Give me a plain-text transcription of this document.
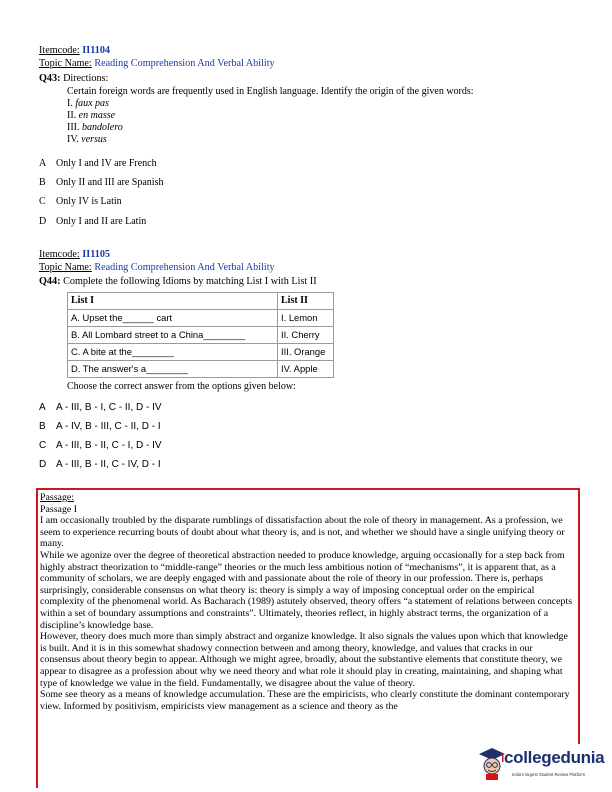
Itemcode: II1104
Topic Name: Reading Comprehension And Verbal Ability
Q43: Directions:
Certain foreign words are frequently used in English language. Identify the origin of the given words:
I. faux pas
II. en masse
III. bandolero
IV. versus
A Only I and IV are French
B Only II and III are Spanish
C Only IV is Latin
D Only I and II are Latin
Itemcode: II1105
Topic Name: Reading Comprehension And Verbal Ability
Q44: Complete the following Idioms by matching List I with List II
List I	List II
A. Upset the______ cart	I. Lemon
B. All Lombard street to a China________	II. Cherry
C. A bite at the________	III. Orange
D. The answer's a________	IV. Apple
Choose the correct answer from the options given below:
A A - III, B - I, C - II, D - IV
B A - IV, B - III, C - II, D - I
C A - III, B - II, C - I, D - IV
D A - III, B - II, C - IV, D - I

Passage:

Passage I

I am occasionally troubled by the disparate rumblings of dissatisfaction about the role of theory in management. As a profession, we seem to experience recurring bouts of doubt about what theory is, and is not, and whether we should have a single unifying theory or many.

While we agonize over the degree of theoretical abstraction needed to produce knowledge, arguing occasionally for a step back from highly abstract theorization to “middle-range” theories or the much less ambitious notion of “mechanisms”, it is apparent that, as a community of scholars, we are deeply engaged with and passionate about the role of theory in our profession. There is, perhaps surprisingly, considerable consensus on what theory is: theory is simply a way of imposing conceptual order on the empirical complexity of the phenomenal world. As Bacharach (1989) astutely observed, theory offers “a statement of relations between concepts within a set of boundary assumptions and constraints”. Ultimately, theories reflect, in highly abstract terms, the organization of a discipline’s knowledge base.

However, theory does much more than simply abstract and organize knowledge. It also signals the values upon which that knowledge is built. And it is in this somewhat shadowy connection between and among theory, knowledge, and values that cracks in our consensus about theory begin to appear. Although we might agree, broadly, about the substantive elements that constitute theory, we appear to disagree as a profession about why we need theory and what role it should play in creating, maintaining, and shaping what type of knowledge we value in the field. Fundamentally, we disagree about the value of theory.

Some see theory as a means of knowledge accumulation. These are the empiricists, who clearly constitute the dominant contemporary view. Informed by positivism, empiricists view management as a science and theory as the

collegedunia
India's largest Student Review Platform
